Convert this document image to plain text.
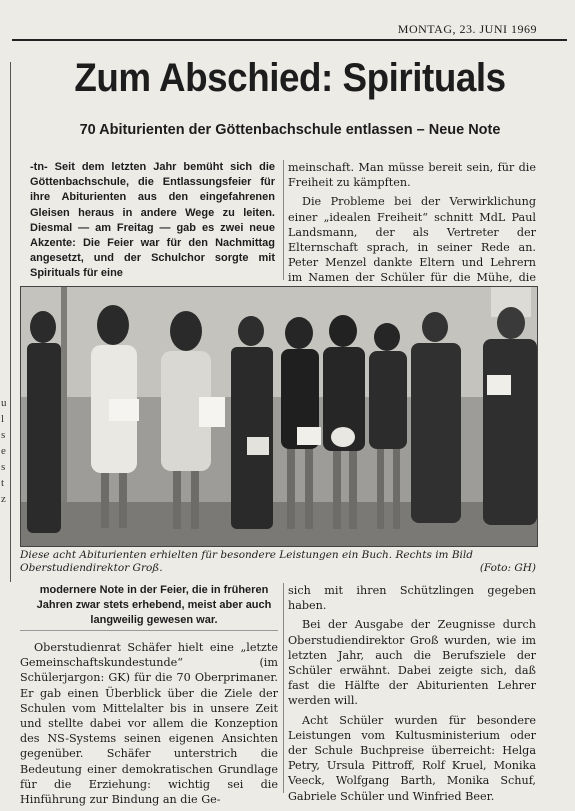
MONTAG, 23. JUNI 1969
u
l
s
e
s
t
z
Zum Abschied: Spirituals
70 Abiturienten der Göttenbachschule entlassen – Neue Note

-tn- Seit dem letzten Jahr bemüht sich die Göttenbachschule, die Entlassungsfeier für ihre Abiturienten aus den eingefahrenen Gleisen heraus in andere Wege zu leiten. Diesmal — am Freitag — gab es zwei neue Akzente: Die Feier war für den Nachmittag angesetzt, und der Schulchor sorgte mit Spirituals für eine

meinschaft. Man müsse bereit sein, für die Freiheit zu kämpften.

Die Probleme bei der Verwirklichung einer „idealen Freiheit“ schnitt MdL Paul Landsmann, der als Vertreter der Elternschaft sprach, in seiner Rede an. Peter Menzel dankte Eltern und Lehrern im Namen der Schüler für die Mühe, die

Diese acht Abiturienten erhielten für besondere Leistungen ein Buch. Rechts im Bild Oberstudiendirektor Groß.	(Foto: GH)

modernere Note in der Feier, die in früheren Jahren zwar stets erhebend, meist aber auch langweilig gewesen war.

Oberstudienrat Schäfer hielt eine „letzte Gemeinschaftskundestunde“ (im Schülerjargon: GK) für die 70 Oberprimaner. Er gab einen Überblick über die Ziele der Schulen vom Mittelalter bis in unsere Zeit und stellte dabei vor allem die Konzeption des NS-Systems seinen eigenen Ansichten gegenüber. Schäfer unterstrich die Bedeutung einer demokratischen Grundlage für die Erziehung: wichtig sei die Hinführung zur Bindung an die Ge-

sich mit ihren Schützlingen gegeben haben.

Bei der Ausgabe der Zeugnisse durch Oberstudiendirektor Groß wurden, wie im letzten Jahr, auch die Berufsziele der Schüler erwähnt. Dabei zeigte sich, daß fast die Hälfte der Abiturienten Lehrer werden will.

Acht Schüler wurden für besondere Leistungen vom Kultusministerium oder der Schule Buchpreise überreicht: Helga Petry, Ursula Pittroff, Rolf Kruel, Monika Veeck, Wolfgang Barth, Monika Schuf, Gabriele Schüler und Winfried Beer.
